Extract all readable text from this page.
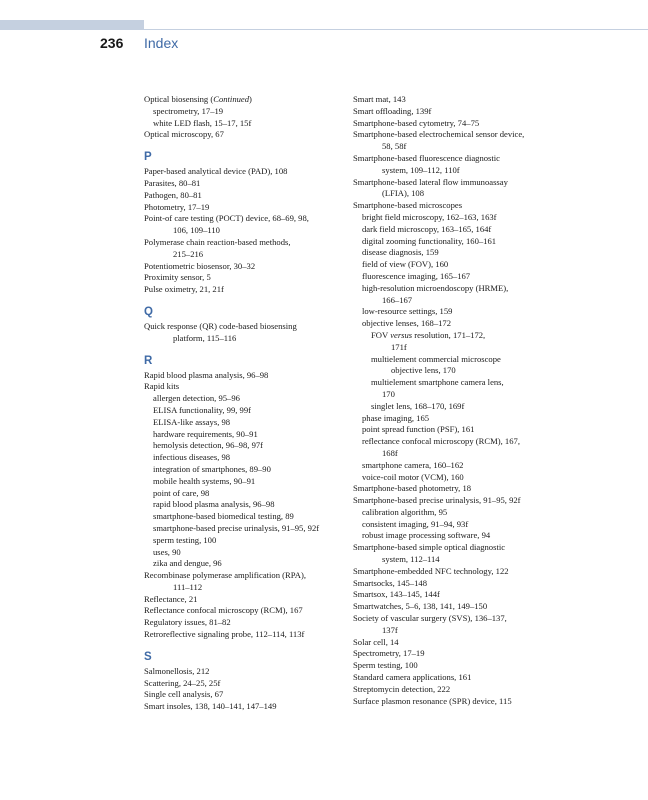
236 Index
Optical biosensing (Continued)
spectrometry, 17–19
white LED flash, 15–17, 15f
Optical microscopy, 67
P
Paper-based analytical device (PAD), 108
Parasites, 80–81
Pathogen, 80–81
Photometry, 17–19
Point-of care testing (POCT) device, 68–69, 98,
106, 109–110
Polymerase chain reaction-based methods,
215–216
Potentiometric biosensor, 30–32
Proximity sensor, 5
Pulse oximetry, 21, 21f
Q
Quick response (QR) code-based biosensing
platform, 115–116
R
Rapid blood plasma analysis, 96–98
Rapid kits
allergen detection, 95–96
ELISA functionality, 99, 99f
ELISA-like assays, 98
hardware requirements, 90–91
hemolysis detection, 96–98, 97f
infectious diseases, 98
integration of smartphones, 89–90
mobile health systems, 90–91
point of care, 98
rapid blood plasma analysis, 96–98
smartphone-based biomedical testing, 89
smartphone-based precise urinalysis, 91–95, 92f
sperm testing, 100
uses, 90
zika and dengue, 96
Recombinase polymerase amplification (RPA),
111–112
Reflectance, 21
Reflectance confocal microscopy (RCM), 167
Regulatory issues, 81–82
Retroreflective signaling probe, 112–114, 113f
S
Salmonellosis, 212
Scattering, 24–25, 25f
Single cell analysis, 67
Smart insoles, 138, 140–141, 147–149
Smart mat, 143
Smart offloading, 139f
Smartphone-based cytometry, 74–75
Smartphone-based electrochemical sensor device,
58, 58f
Smartphone-based fluorescence diagnostic
system, 109–112, 110f
Smartphone-based lateral flow immunoassay
(LFIA), 108
Smartphone-based microscopes
bright field microscopy, 162–163, 163f
dark field microscopy, 163–165, 164f
digital zooming functionality, 160–161
disease diagnosis, 159
field of view (FOV), 160
fluorescence imaging, 165–167
high-resolution microendoscopy (HRME),
166–167
low-resource settings, 159
objective lenses, 168–172
FOV versus resolution, 171–172,
171f
multielement commercial microscope
objective lens, 170
multielement smartphone camera lens,
170
singlet lens, 168–170, 169f
phase imaging, 165
point spread function (PSF), 161
reflectance confocal microscopy (RCM), 167,
168f
smartphone camera, 160–162
voice-coil motor (VCM), 160
Smartphone-based photometry, 18
Smartphone-based precise urinalysis, 91–95, 92f
calibration algorithm, 95
consistent imaging, 91–94, 93f
robust image processing software, 94
Smartphone-based simple optical diagnostic
system, 112–114
Smartphone-embedded NFC technology, 122
Smartsocks, 145–148
Smartsox, 143–145, 144f
Smartwatches, 5–6, 138, 141, 149–150
Society of vascular surgery (SVS), 136–137,
137f
Solar cell, 14
Spectrometry, 17–19
Sperm testing, 100
Standard camera applications, 161
Streptomycin detection, 222
Surface plasmon resonance (SPR) device, 115
